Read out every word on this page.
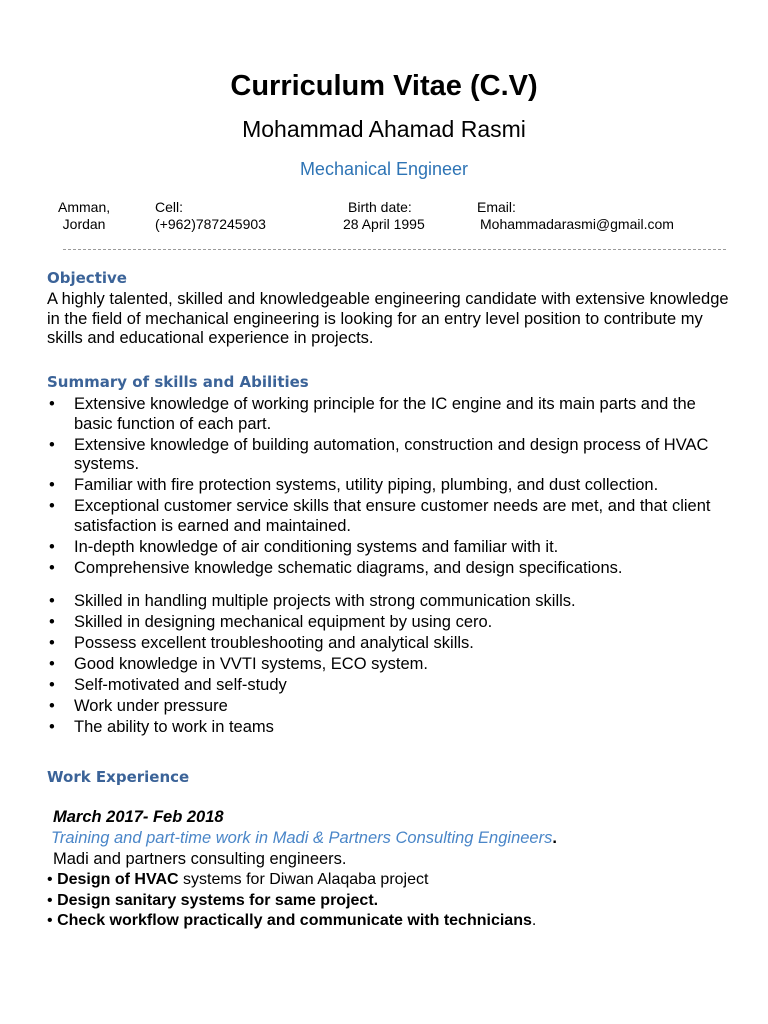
Curriculum Vitae (C.V)

Mohammad Ahamad Rasmi

Mechanical Engineer

Amman,
Jordan
Cell:
(+962)787245903
Birth date:
28 April 1995
Email:
Mohammadarasmi@gmail.com
Objective

A highly talented, skilled and knowledgeable engineering candidate with extensive knowledge in the field of mechanical engineering is looking for an entry level position to contribute my skills and educational experience in projects.

Summary of skills and Abilities
• Extensive knowledge of working principle for the IC engine and its main parts and the basic function of each part.
• Extensive knowledge of building automation, construction and design process of HVAC systems.
• Familiar with fire protection systems, utility piping, plumbing, and dust collection.
• Exceptional customer service skills that ensure customer needs are met, and that client satisfaction is earned and maintained.
• In-depth knowledge of air conditioning systems and familiar with it.
• Comprehensive knowledge schematic diagrams, and design specifications.
• Skilled in handling multiple projects with strong communication skills.
• Skilled in designing mechanical equipment by using cero.
• Possess excellent troubleshooting and analytical skills.
• Good knowledge in VVTI systems, ECO system.
• Self-motivated and self-study
• Work under pressure
• The ability to work in teams
Work Experience

March 2017- Feb 2018

Training and part-time work in Madi & Partners Consulting Engineers.

Madi and partners consulting engineers.

• Design of HVAC systems for Diwan Alaqaba project
• Design sanitary systems for same project.
• Check workflow practically and communicate with technicians.
